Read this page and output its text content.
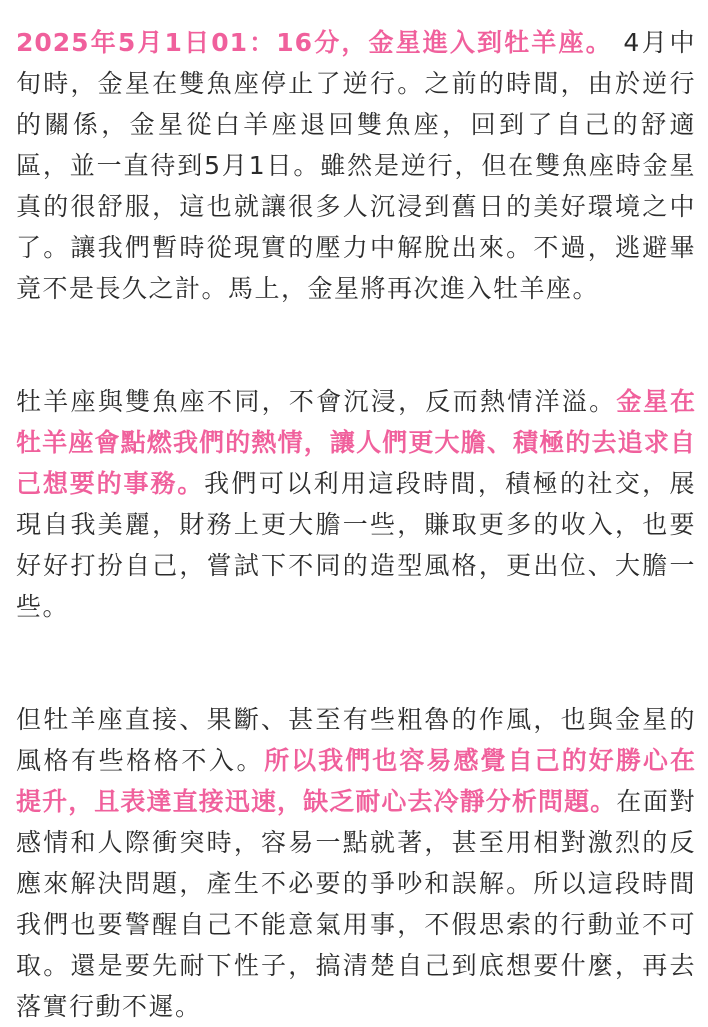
2025年5月1日01：16分，金星進入到牡羊座。 4月中旬時，金星在雙魚座停止了逆行。之前的時間，由於逆行的關係，金星從白羊座退回雙魚座，回到了自己的舒適區，並一直待到5月1日。雖然是逆行，但在雙魚座時金星真的很舒服，這也就讓很多人沉浸到舊日的美好環境之中了。讓我們暫時從現實的壓力中解脫出來。不過，逃避畢竟不是長久之計。馬上，金星將再次進入牡羊座。

牡羊座與雙魚座不同，不會沉浸，反而熱情洋溢。金星在牡羊座會點燃我們的熱情，讓人們更大膽、積極的去追求自己想要的事務。我們可以利用這段時間，積極的社交，展現自我美麗，財務上更大膽一些，賺取更多的收入，也要好好打扮自己，嘗試下不同的造型風格，更出位、大膽一些。

但牡羊座直接、果斷、甚至有些粗魯的作風，也與金星的風格有些格格不入。所以我們也容易感覺自己的好勝心在提升，且表達直接迅速，缺乏耐心去冷靜分析問題。在面對感情和人際衝突時，容易一點就著，甚至用相對激烈的反應來解決問題，產生不必要的爭吵和誤解。所以這段時間我們也要警醒自己不能意氣用事，不假思索的行動並不可取。還是要先耐下性子，搞清楚自己到底想要什麼，再去落實行動不遲。
